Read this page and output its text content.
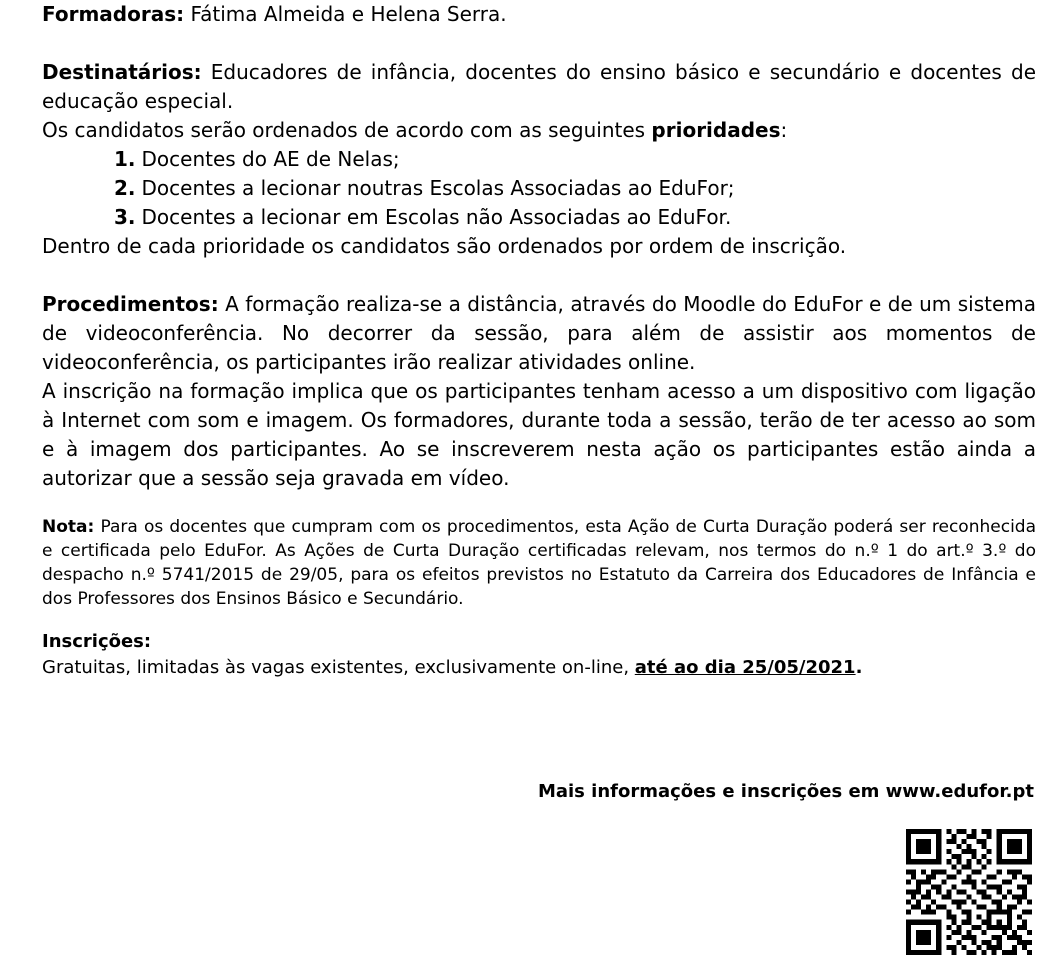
Formadoras: Fátima Almeida e Helena Serra.
Destinatários: Educadores de infância, docentes do ensino básico e secundário e docentes de educação especial.
Os candidatos serão ordenados de acordo com as seguintes prioridades:
1. Docentes do AE de Nelas;
2. Docentes a lecionar noutras Escolas Associadas ao EduFor;
3. Docentes a lecionar em Escolas não Associadas ao EduFor.
Dentro de cada prioridade os candidatos são ordenados por ordem de inscrição.
Procedimentos: A formação realiza-se a distância, através do Moodle do EduFor e de um sistema de videoconferência. No decorrer da sessão, para além de assistir aos momentos de videoconferência, os participantes irão realizar atividades online.
A inscrição na formação implica que os participantes tenham acesso a um dispositivo com ligação à Internet com som e imagem. Os formadores, durante toda a sessão, terão de ter acesso ao som e à imagem dos participantes. Ao se inscreverem nesta ação os participantes estão ainda a autorizar que a sessão seja gravada em vídeo.
Nota: Para os docentes que cumpram com os procedimentos, esta Ação de Curta Duração poderá ser reconhecida e certificada pelo EduFor. As Ações de Curta Duração certificadas relevam, nos termos do n.º 1 do art.º 3.º do despacho n.º 5741/2015 de 29/05, para os efeitos previstos no Estatuto da Carreira dos Educadores de Infância e dos Professores dos Ensinos Básico e Secundário.
Inscrições:
Gratuitas, limitadas às vagas existentes, exclusivamente on-line, até ao dia 25/05/2021.
Mais informações e inscrições em www.edufor.pt
